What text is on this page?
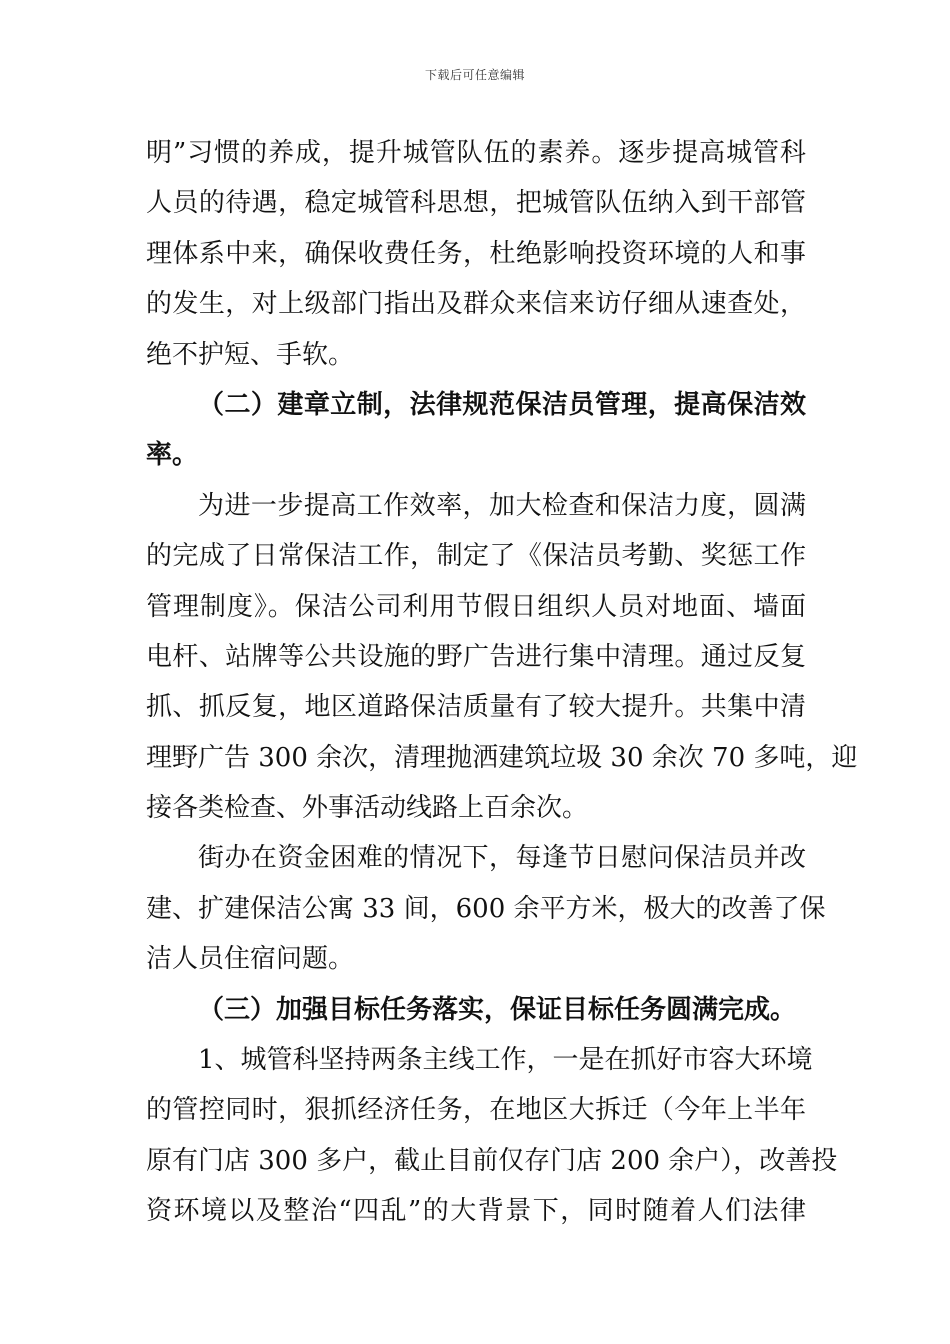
下载后可任意编辑
明”习惯的养成，提升城管队伍的素养。逐步提高城管科
人员的待遇，稳定城管科思想，把城管队伍纳入到干部管
理体系中来，确保收费任务，杜绝影响投资环境的人和事
的发生，对上级部门指出及群众来信来访仔细从速查处，
绝不护短、手软。
（二）建章立制，法律规范保洁员管理，提高保洁效
率。
为进一步提高工作效率，加大检查和保洁力度，圆满
的完成了日常保洁工作，制定了《保洁员考勤、奖惩工作
管理制度》。保洁公司利用节假日组织人员对地面、墙面
电杆、站牌等公共设施的野广告进行集中清理。通过反复
抓、抓反复，地区道路保洁质量有了较大提升。共集中清
理野广告 300 余次，清理抛洒建筑垃圾 30 余次 70 多吨，迎
接各类检查、外事活动线路上百余次。
街办在资金困难的情况下，每逢节日慰问保洁员并改
建、扩建保洁公寓 33 间，600 余平方米，极大的改善了保
洁人员住宿问题。
（三）加强目标任务落实，保证目标任务圆满完成。
1、城管科坚持两条主线工作，一是在抓好市容大环境
的管控同时，狠抓经济任务，在地区大拆迁（今年上半年
原有门店 300 多户，截止目前仅存门店 200 余户），改善投
资环境以及整治“四乱”的大背景下，同时随着人们法律
